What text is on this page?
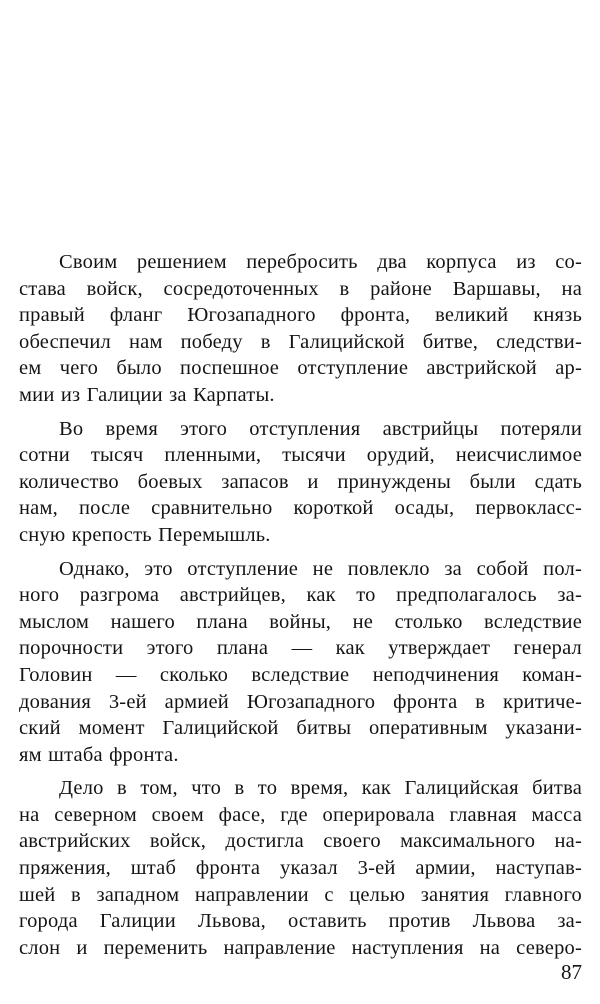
Своим решением перебросить два корпуса из со-
става войск, сосредоточенных в районе Варшавы, на
правый фланг Югозападного фронта, великий князь
обеспечил нам победу в Галицийской битве, следстви-
ем чего было поспешное отступление австрийской ар-
мии из Галиции за Карпаты.
Во время этого отступления австрийцы потеряли
сотни тысяч пленными, тысячи орудий, неисчислимое
количество боевых запасов и принуждены были сдать
нам, после сравнительно короткой осады, первокласс-
сную крепость Перемышль.
Однако, это отступление не повлекло за собой пол-
ного разгрома австрийцев, как то предполагалось за-
мыслом нашего плана войны, не столько вследствие
порочности этого плана — как утверждает генерал
Головин — сколько вследствие неподчинения коман-
дования 3-ей армией Югозападного фронта в критиче-
ский момент Галицийской битвы оперативным указани-
ям штаба фронта.
Дело в том, что в то время, как Галицийская битва
на северном своем фасе, где оперировала главная масса
австрийских войск, достигла своего максимального на-
пряжения, штаб фронта указал 3-ей армии, наступав-
шей в западном направлении с целью занятия главного
города Галиции Львова, оставить против Львова за-
слон и переменить направление наступления на северо-
87
